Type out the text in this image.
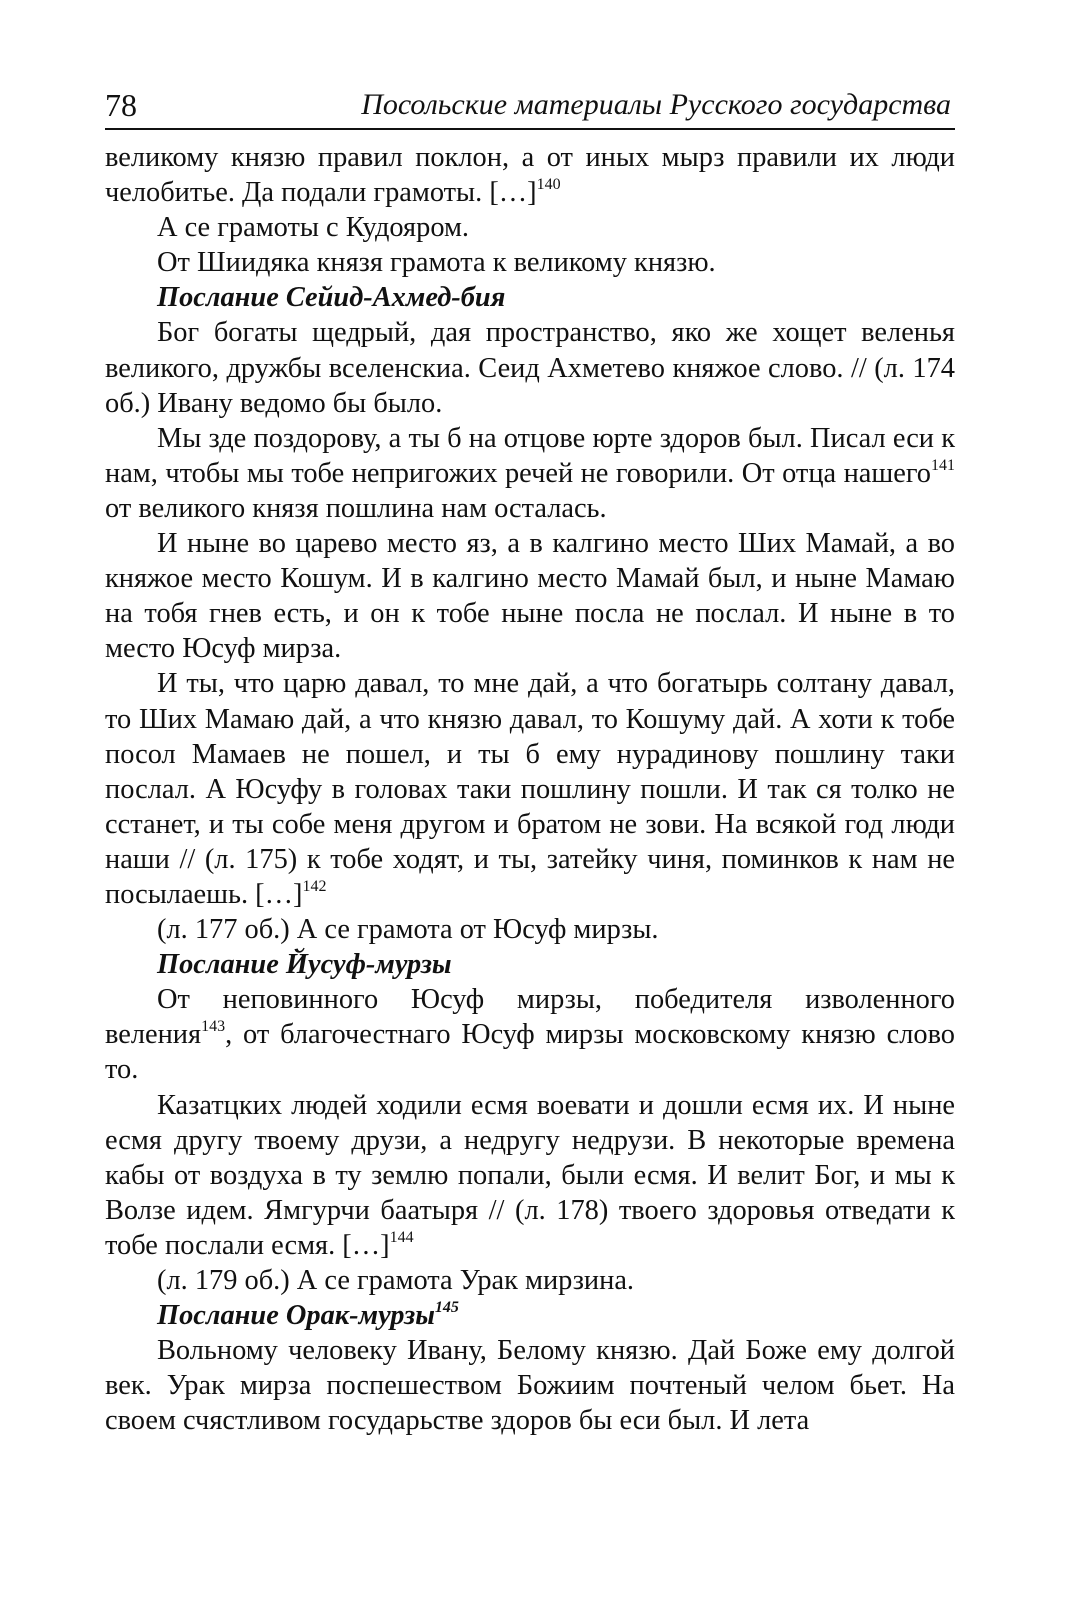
78	Посольские материалы Русского государства

великому князю правил поклон, а от иных мырз правили их люди челобитье. Да подали грамоты. […]$^{140}$

А се грамоты с Кудояром.

От Шиидяка князя грамота к великому князю.

Послание Сейид-Ахмед-бия

Бог богаты щедрый, дая пространство, яко же хощет веленья великого, дружбы вселенскиа. Сеид Ахметево княжое слово. // (л. 174 об.) Ивану ведомо бы было.

Мы зде поздорову, а ты б на отцове юрте здоров был. Писал еси к нам, чтобы мы тобе непригожих речей не говорили. От отца нашего$^{141}$ от великого князя пошлина нам осталась.

И ныне во царево место яз, а в калгино место Ших Мамай, а во княжое место Кошум. И в калгино место Мамай был, и ныне Мамаю на тобя гнев есть, и он к тобе ныне посла не послал. И ныне в то место Юсуф мирза.

И ты, что царю давал, то мне дай, а что богатырь солтану давал, то Ших Мамаю дай, а что князю давал, то Кошуму дай. А хоти к тобе посол Мамаев не пошел, и ты б ему нурадинову пошлину таки послал. А Юсуфу в головах таки пошлину пошли. И так ся толко не сстанет, и ты собе меня другом и братом не зови. На всякой год люди наши // (л. 175) к тобе ходят, и ты, затейку чиня, поминков к нам не посылаешь. […]$^{142}$

(л. 177 об.) А се грамота от Юсуф мирзы.

Послание Йусуф-мурзы

От неповинного Юсуф мирзы, победителя изволенного веления$^{143}$, от благочестнаго Юсуф мирзы московскому князю слово то.

Казатцких людей ходили есмя воевати и дошли есмя их. И ныне есмя другу твоему друзи, а недругу недрузи. В некоторые времена кабы от воздуха в ту землю попали, были есмя. И велит Бог, и мы к Волзе идем. Ямгурчи баатыря // (л. 178) твоего здоровья отведати к тобе послали есмя. […]$^{144}$

(л. 179 об.) А се грамота Урак мирзина.

Послание Орак-мурзы$^{145}$

Вольному человеку Ивану, Белому князю. Дай Боже ему долгой век. Урак мирза поспешеством Божиим почтеный челом бьет. На своем счястливом государьстве здоров бы еси был. И лета
